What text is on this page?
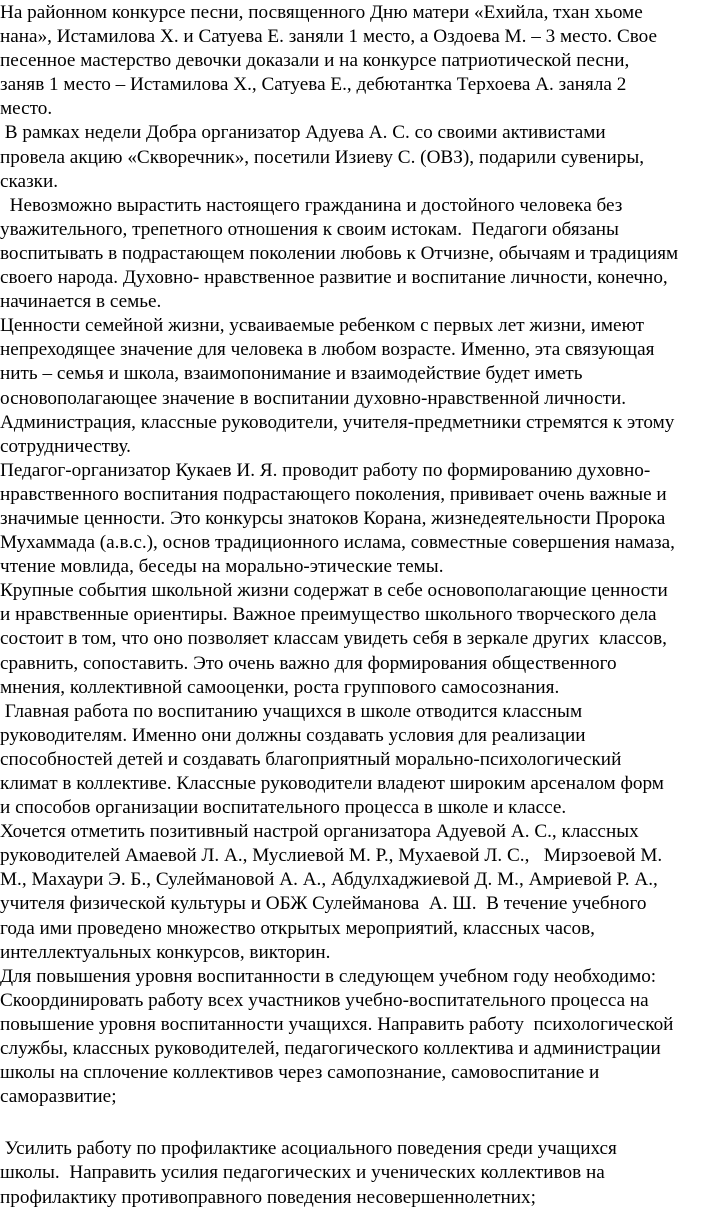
На районном конкурсе песни, посвященного Дню матери «Ехийла, тхан хьоме
нана», Истамилова Х. и Сатуева Е. заняли 1 место, а Оздоева М. – 3 место. Свое
песенное мастерство девочки доказали и на конкурсе патриотической песни,
заняв 1 место – Истамилова Х., Сатуева Е., дебютантка Терхоева А. заняла 2
место.
В рамках недели Добра организатор Адуева А. С. со своими активистами
провела акцию «Скворечник», посетили Изиеву С. (ОВЗ), подарили сувениры,
сказки.
Невозможно вырастить настоящего гражданина и достойного человека без
уважительного, трепетного отношения к своим истокам.  Педагоги обязаны
воспитывать в подрастающем поколении любовь к Отчизне, обычаям и традициям
своего народа. Духовно- нравственное развитие и воспитание личности, конечно,
начинается в семье.
Ценности семейной жизни, усваиваемые ребенком с первых лет жизни, имеют
непреходящее значение для человека в любом возрасте. Именно, эта связующая
нить – семья и школа, взаимопонимание и взаимодействие будет иметь
основополагающее значение в воспитании духовно-нравственной личности.
Администрация, классные руководители, учителя-предметники стремятся к этому
сотрудничеству.
Педагог-организатор Кукаев И. Я. проводит работу по формированию духовно-
нравственного воспитания подрастающего поколения, прививает очень важные и
значимые ценности. Это конкурсы знатоков Корана, жизнедеятельности Пророка
Мухаммада (а.в.с.), основ традиционного ислама, совместные совершения намаза,
чтение мовлида, беседы на морально-этические темы.
Крупные события школьной жизни содержат в себе основополагающие ценности
и нравственные ориентиры. Важное преимущество школьного творческого дела
состоит в том, что оно позволяет классам увидеть себя в зеркале других  классов,
сравнить, сопоставить. Это очень важно для формирования общественного
мнения, коллективной самооценки, роста группового самосознания.
Главная работа по воспитанию учащихся в школе отводится классным
руководителям. Именно они должны создавать условия для реализации
способностей детей и создавать благоприятный морально-психологический
климат в коллективе. Классные руководители владеют широким арсеналом форм
и способов организации воспитательного процесса в школе и классе.
Хочется отметить позитивный настрой организатора Адуевой А. С., классных
руководителей Амаевой Л. А., Муслиевой М. Р., Мухаевой Л. С.,   Мирзоевой М.
М., Махаури Э. Б., Сулеймановой А. А., Абдулхаджиевой Д. М., Амриевой Р. А.,
учителя физической культуры и ОБЖ Сулейманова  А. Ш.  В течение учебного
года ими проведено множество открытых мероприятий, классных часов,
интеллектуальных конкурсов, викторин.
Для повышения уровня воспитанности в следующем учебном году необходимо:
Скоординировать работу всех участников учебно-воспитательного процесса на
повышение уровня воспитанности учащихся. Направить работу  психологической
службы, классных руководителей, педагогического коллектива и администрации
школы на сплочение коллективов через самопознание, самовоспитание и
саморазвитие;
Усилить работу по профилактике асоциального поведения среди учащихся
школы.  Направить усилия педагогических и ученических коллективов на
профилактику противоправного поведения несовершеннолетних;
